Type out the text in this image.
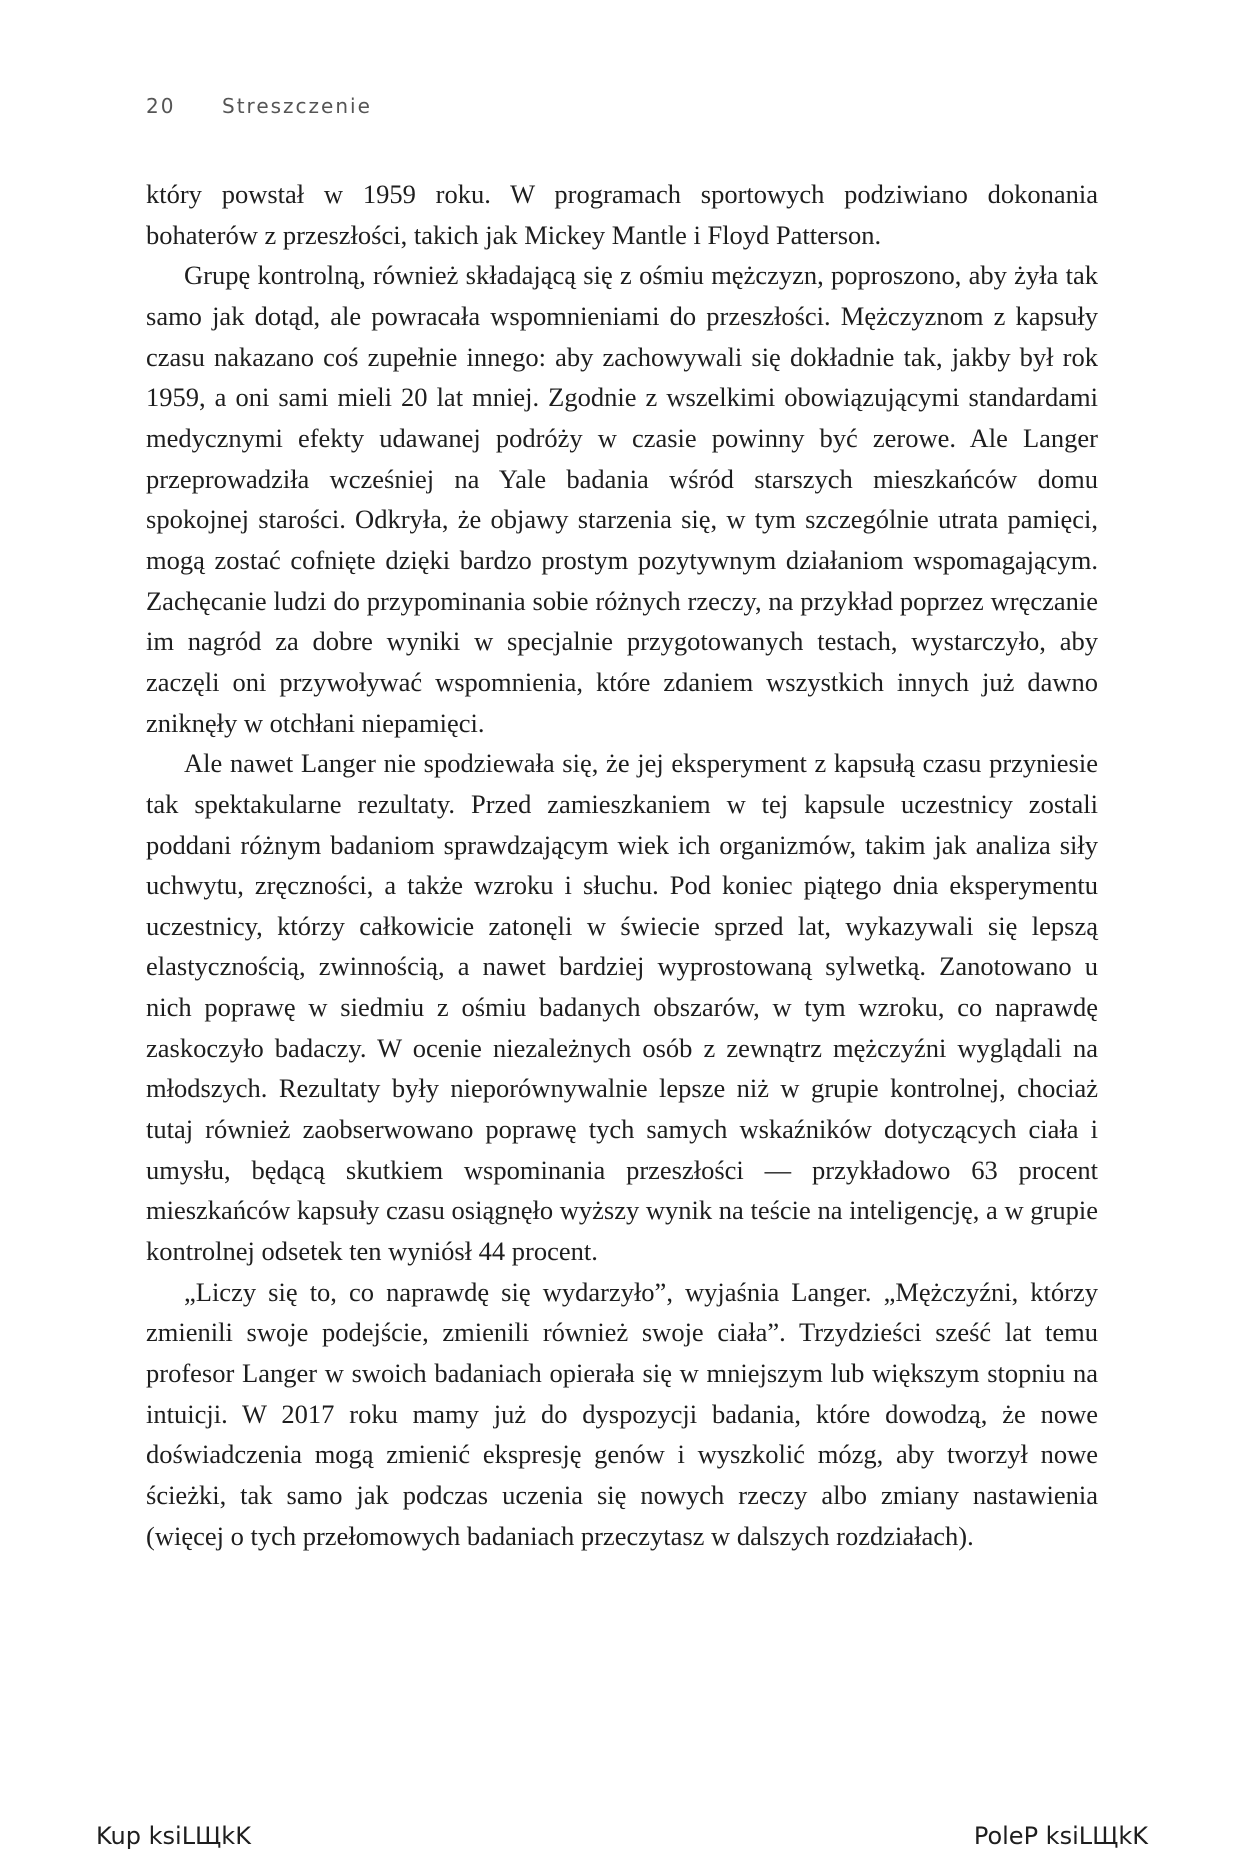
20 Streszczenie

który powstał w 1959 roku. W programach sportowych podziwiano dokonania bohaterów z przeszłości, takich jak Mickey Mantle i Floyd Patterson.

Grupę kontrolną, również składającą się z ośmiu mężczyzn, poproszono, aby żyła tak samo jak dotąd, ale powracała wspomnieniami do przeszłości. Mężczyznom z kapsuły czasu nakazano coś zupełnie innego: aby zachowywali się dokładnie tak, jakby był rok 1959, a oni sami mieli 20 lat mniej. Zgodnie z wszelkimi obowiązującymi standardami medycznymi efekty udawanej podróży w czasie powinny być zerowe. Ale Langer przeprowadziła wcześniej na Yale badania wśród starszych mieszkańców domu spokojnej starości. Odkryła, że objawy starzenia się, w tym szczególnie utrata pamięci, mogą zostać cofnięte dzięki bardzo prostym pozytywnym działaniom wspomagającym. Zachęcanie ludzi do przypominania sobie różnych rzeczy, na przykład poprzez wręczanie im nagród za dobre wyniki w specjalnie przygotowanych testach, wystarczyło, aby zaczęli oni przywoływać wspomnienia, które zdaniem wszystkich innych już dawno zniknęły w otchłani niepamięci.

Ale nawet Langer nie spodziewała się, że jej eksperyment z kapsułą czasu przyniesie tak spektakularne rezultaty. Przed zamieszkaniem w tej kapsule uczestnicy zostali poddani różnym badaniom sprawdzającym wiek ich organizmów, takim jak analiza siły uchwytu, zręczności, a także wzroku i słuchu. Pod koniec piątego dnia eksperymentu uczestnicy, którzy całkowicie zatonęli w świecie sprzed lat, wykazywali się lepszą elastycznością, zwinnością, a nawet bardziej wyprostowaną sylwetką. Zanotowano u nich poprawę w siedmiu z ośmiu badanych obszarów, w tym wzroku, co naprawdę zaskoczyło badaczy. W ocenie niezależnych osób z zewnątrz mężczyźni wyglądali na młodszych. Rezultaty były nieporównywalnie lepsze niż w grupie kontrolnej, chociaż tutaj również zaobserwowano poprawę tych samych wskaźników dotyczących ciała i umysłu, będącą skutkiem wspominania przeszłości — przykładowo 63 procent mieszkańców kapsuły czasu osiągnęło wyższy wynik na teście na inteligencję, a w grupie kontrolnej odsetek ten wyniósł 44 procent.

„Liczy się to, co naprawdę się wydarzyło”, wyjaśnia Langer. „Mężczyźni, którzy zmienili swoje podejście, zmienili również swoje ciała”. Trzydzieści sześć lat temu profesor Langer w swoich badaniach opierała się w mniejszym lub większym stopniu na intuicji. W 2017 roku mamy już do dyspozycji badania, które dowodzą, że nowe doświadczenia mogą zmienić ekspresję genów i wyszkolić mózg, aby tworzył nowe ścieżki, tak samo jak podczas uczenia się nowych rzeczy albo zmiany nastawienia (więcej o tych przełomowych badaniach przeczytasz w dalszych rozdziałach).

Kup ksiLЩkK	PoleP ksiLЩkK
